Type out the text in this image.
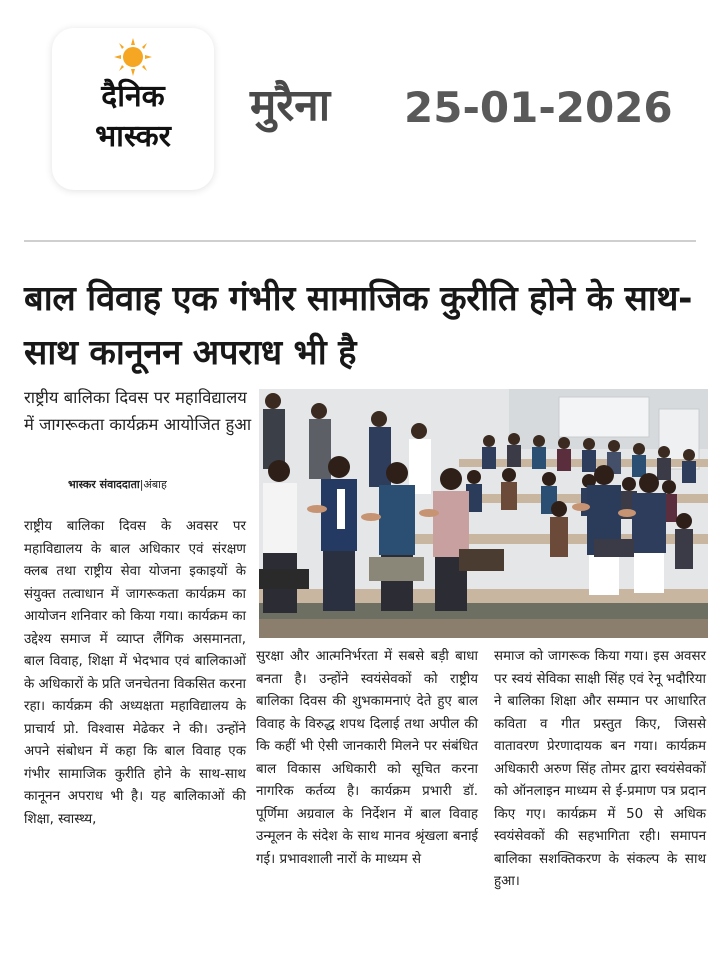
दैनिक
भास्कर
मुरैना 25-01-2026
बाल विवाह एक गंभीर सामाजिक कुरीति होने के साथ-साथ कानूनन अपराध भी है
राष्ट्रीय बालिका दिवस पर महाविद्यालय में जागरूकता कार्यक्रम आयोजित हुआ
भास्कर संवाददाता|अंबाह

राष्ट्रीय बालिका दिवस के अवसर पर महाविद्यालय के बाल अधिकार एवं संरक्षण क्लब तथा राष्ट्रीय सेवा योजना इकाइयों के संयुक्त तत्वाधान में जागरूकता कार्यक्रम का आयोजन शनिवार को किया गया। कार्यक्रम का उद्देश्य समाज में व्याप्त लैंगिक असमानता, बाल विवाह, शिक्षा में भेदभाव एवं बालिकाओं के अधिकारों के प्रति जनचेतना विकसित करना रहा। कार्यक्रम की अध्यक्षता महाविद्यालय के प्राचार्य प्रो. विश्वास मेढेकर ने की। उन्होंने अपने संबोधन में कहा कि बाल विवाह एक गंभीर सामाजिक कुरीति होने के साथ-साथ कानूनन अपराध भी है। यह बालिकाओं की शिक्षा, स्वास्थ्य,

सुरक्षा और आत्मनिर्भरता में सबसे बड़ी बाधा बनता है। उन्होंने स्वयंसेवकों को राष्ट्रीय बालिका दिवस की शुभकामनाएं देते हुए बाल विवाह के विरुद्ध शपथ दिलाई तथा अपील की कि कहीं भी ऐसी जानकारी मिलने पर संबंधित बाल विकास अधिकारी को सूचित करना नागरिक कर्तव्य है। कार्यक्रम प्रभारी डॉ. पूर्णिमा अग्रवाल के निर्देशन में बाल विवाह उन्मूलन के संदेश के साथ मानव श्रृंखला बनाई गई। प्रभावशाली नारों के माध्यम से

समाज को जागरूक किया गया। इस अवसर पर स्वयं सेविका साक्षी सिंह एवं रेनू भदौरिया ने बालिका शिक्षा और सम्मान पर आधारित कविता व गीत प्रस्तुत किए, जिससे वातावरण प्रेरणादायक बन गया। कार्यक्रम अधिकारी अरुण सिंह तोमर द्वारा स्वयंसेवकों को ऑनलाइन माध्यम से ई-प्रमाण पत्र प्रदान किए गए। कार्यक्रम में 50 से अधिक स्वयंसेवकों की सहभागिता रही। समापन बालिका सशक्तिकरण के संकल्प के साथ हुआ।
